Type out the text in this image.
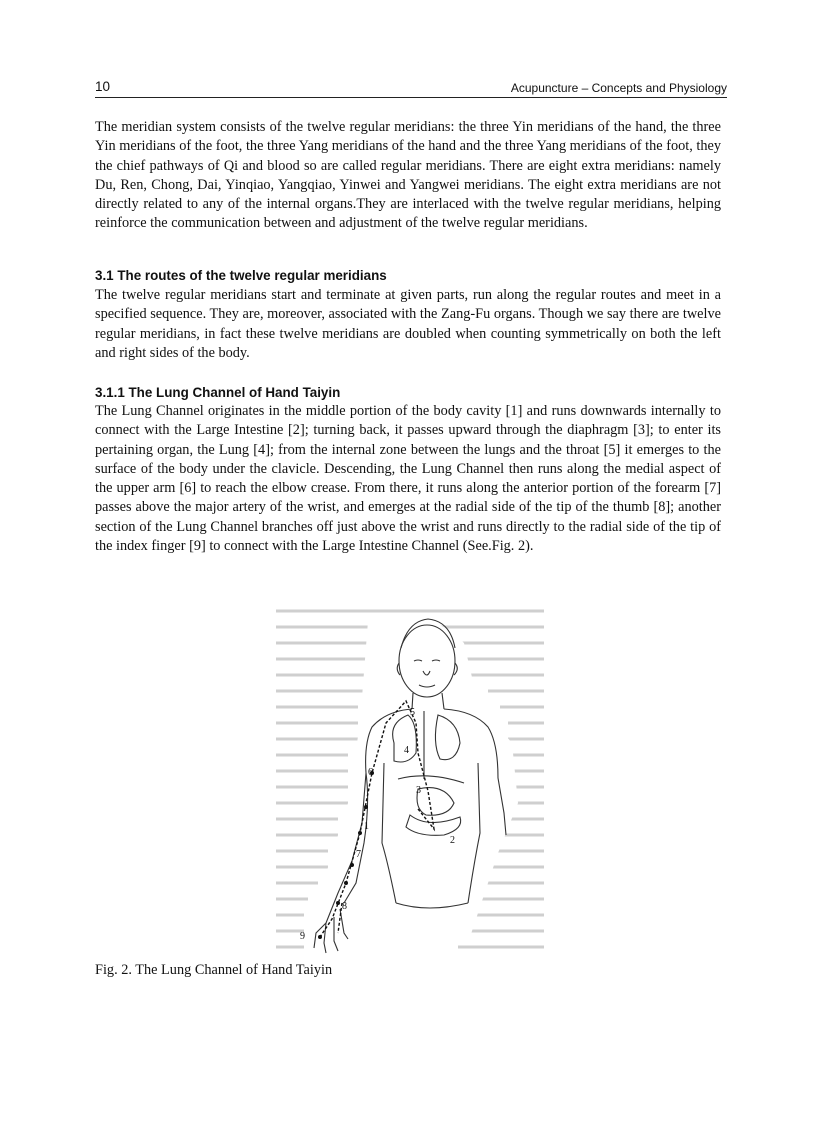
10	Acupuncture – Concepts and Physiology

The meridian system consists of the twelve regular meridians: the three Yin meridians of the hand, the three Yin meridians of the foot, the three Yang meridians of the hand and the three Yang meridians of the foot, they the chief pathways of Qi and blood so are called regular meridians. There are eight extra meridians: namely Du, Ren, Chong, Dai, Yinqiao, Yangqiao, Yinwei and Yangwei meridians. The eight extra meridians are not directly related to any of the internal organs.They are interlaced with the twelve regular meridians, helping reinforce the communication between and adjustment of the twelve regular meridians.

3.1 The routes of the twelve regular meridians

The twelve regular meridians start and terminate at given parts, run along the regular routes and meet in a specified sequence. They are, moreover, associated with the Zang-Fu organs. Though we say there are twelve regular meridians, in fact these twelve meridians are doubled when counting symmetrically on both the left and right sides of the body.

3.1.1 The Lung Channel of Hand Taiyin

The Lung Channel originates in the middle portion of the body cavity [1] and runs downwards internally to connect with the Large Intestine [2]; turning back, it passes upward through the diaphragm [3]; to enter its pertaining organ, the Lung [4]; from the internal zone between the lungs and the throat [5] it emerges to the surface of the body under the clavicle. Descending, the Lung Channel then runs along the medial aspect of the upper arm [6] to reach the elbow crease. From there, it runs along the anterior portion of the forearm [7] passes above the major artery of the wrist, and emerges at the radial side of the tip of the thumb [8]; another section of the Lung Channel branches off just above the wrist and runs directly to the radial side of the tip of the index finger [9] to connect with the Large Intestine Channel (See.Fig. 2).

1
2
3
4
5
6
7
8
9

Fig. 2. The Lung Channel of Hand Taiyin
